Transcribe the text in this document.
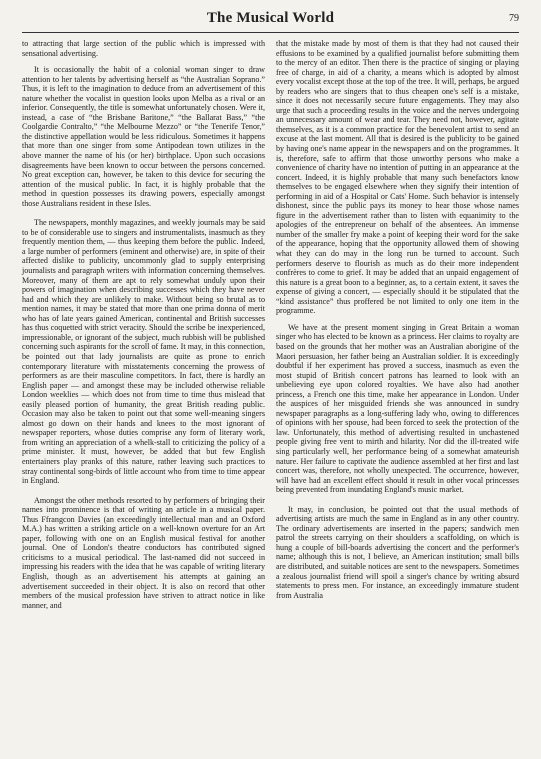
The Musical World	79

to attracting that large section of the public which is impressed with sensational advertising.

It is occasionally the habit of a colonial woman singer to draw attention to her talents by advertising herself as “the Australian Soprano.” Thus, it is left to the imagination to deduce from an advertisement of this nature whether the vocalist in question looks upon Melba as a rival or an inferior. Consequently, the title is somewhat unfortunately chosen. Were it, instead, a case of “the Brisbane Baritone,” “the Ballarat Bass,” “the Coolgardie Contralto,” “the Melbourne Mezzo” or “the Tenerife Tenor,” the distinctive appellation would be less ridiculous. Sometimes it happens that more than one singer from some Antipodean town utilizes in the above manner the name of his (or her) birthplace. Upon such occasions disagreements have been known to occur between the persons concerned. No great exception can, however, be taken to this device for securing the attention of the musical public. In fact, it is highly probable that the method in question possesses its drawing powers, especially amongst those Australians resident in these Isles.

The newspapers, monthly magazines, and weekly journals may be said to be of considerable use to singers and instrumentalists, inasmuch as they frequently mention them, — thus keeping them before the public. Indeed, a large number of performers (eminent and otherwise) are, in spite of their affected dislike to publicity, uncommonly glad to supply enterprising journalists and paragraph writers with information concerning themselves. Moreover, many of them are apt to rely somewhat unduly upon their powers of imagination when describing successes which they have never had and which they are unlikely to make. Without being so brutal as to mention names, it may be stated that more than one prima donna of merit who has of late years gained American, continental and British successes has thus coquetted with strict veracity. Should the scribe be inexperienced, impressionable, or ignorant of the subject, much rubbish will be published concerning such aspirants for the scroll of fame. It may, in this connection, be pointed out that lady journalists are quite as prone to enrich contemporary literature with misstatements concerning the prowess of performers as are their masculine competitors. In fact, there is hardly an English paper — and amongst these may be included otherwise reliable London weeklies — which does not from time to time thus mislead that easily pleased portion of humanity, the great British reading public. Occasion may also be taken to point out that some well-meaning singers almost go down on their hands and knees to the most ignorant of newspaper reporters, whose duties comprise any form of literary work, from writing an appreciation of a whelk-stall to criticizing the policy of a prime minister. It must, however, be added that but few English entertainers play pranks of this nature, rather leaving such practices to stray continental song-birds of little account who from time to time appear in England.

Amongst the other methods resorted to by performers of bringing their names into prominence is that of writing an article in a musical paper. Thus Ffrangcon Davies (an exceedingly intellectual man and an Oxford M.A.) has written a striking article on a well-known overture for an Art paper, following with one on an English musical festival for another journal. One of London's theatre conductors has contributed signed criticisms to a musical periodical. The last-named did not succeed in impressing his readers with the idea that he was capable of writing literary English, though as an advertisement his attempts at gaining an advertisement succeeded in their object. It is also on record that other members of the musical profession have striven to attract notice in like manner, and

that the mistake made by most of them is that they had not caused their effusions to be examined by a qualified journalist before submitting them to the mercy of an editor. Then there is the practice of singing or playing free of charge, in aid of a charity, a means which is adopted by almost every vocalist except those at the top of the tree. It will, perhaps, be argued by readers who are singers that to thus cheapen one's self is a mistake, since it does not necessarily secure future engagements. They may also urge that such a proceeding results in the voice and the nerves undergoing an unnecessary amount of wear and tear. They need not, however, agitate themselves, as it is a common practice for the benevolent artist to send an excuse at the last moment. All that is desired is the publicity to be gained by having one's name appear in the newspapers and on the programmes. It is, therefore, safe to affirm that those unworthy persons who make a convenience of charity have no intention of putting in an appearance at the concert. Indeed, it is highly probable that many such benefactors know themselves to be engaged elsewhere when they signify their intention of performing in aid of a Hospital or Cats' Home. Such behavior is intensely dishonest, since the public pays its money to hear those whose names figure in the advertisement rather than to listen with equanimity to the apologies of the entrepreneur on behalf of the absentees. An immense number of the smaller fry make a point of keeping their word for the sake of the appearance, hoping that the opportunity allowed them of showing what they can do may in the long run be turned to account. Such performers deserve to flourish as much as do their more independent confrères to come to grief. It may be added that an unpaid engagement of this nature is a great boon to a beginner, as, to a certain extent, it saves the expense of giving a concert, — especially should it be stipulated that the “kind assistance” thus proffered be not limited to only one item in the programme.

We have at the present moment singing in Great Britain a woman singer who has elected to be known as a princess. Her claims to royalty are based on the grounds that her mother was an Australian aborigine of the Maori persuasion, her father being an Australian soldier. It is exceedingly doubtful if her experiment has proved a success, inasmuch as even the most stupid of British concert patrons has learned to look with an unbelieving eye upon colored royalties. We have also had another princess, a French one this time, make her appearance in London. Under the auspices of her misguided friends she was announced in sundry newspaper paragraphs as a long-suffering lady who, owing to differences of opinions with her spouse, had been forced to seek the protection of the law. Unfortunately, this method of advertising resulted in unchastened people giving free vent to mirth and hilarity. Nor did the ill-treated wife sing particularly well, her performance being of a somewhat amateurish nature. Her failure to captivate the audience assembled at her first and last concert was, therefore, not wholly unexpected. The occurrence, however, will have had an excellent effect should it result in other vocal princesses being prevented from inundating England's music market.

It may, in conclusion, be pointed out that the usual methods of advertising artists are much the same in England as in any other country. The ordinary advertisements are inserted in the papers; sandwich men patrol the streets carrying on their shoulders a scaffolding, on which is hung a couple of bill-boards advertising the concert and the performer's name; although this is not, I believe, an American institution; small bills are distributed, and suitable notices are sent to the newspapers. Sometimes a zealous journalist friend will spoil a singer's chance by writing absurd statements to press men. For instance, an exceedingly immature student from Australia
